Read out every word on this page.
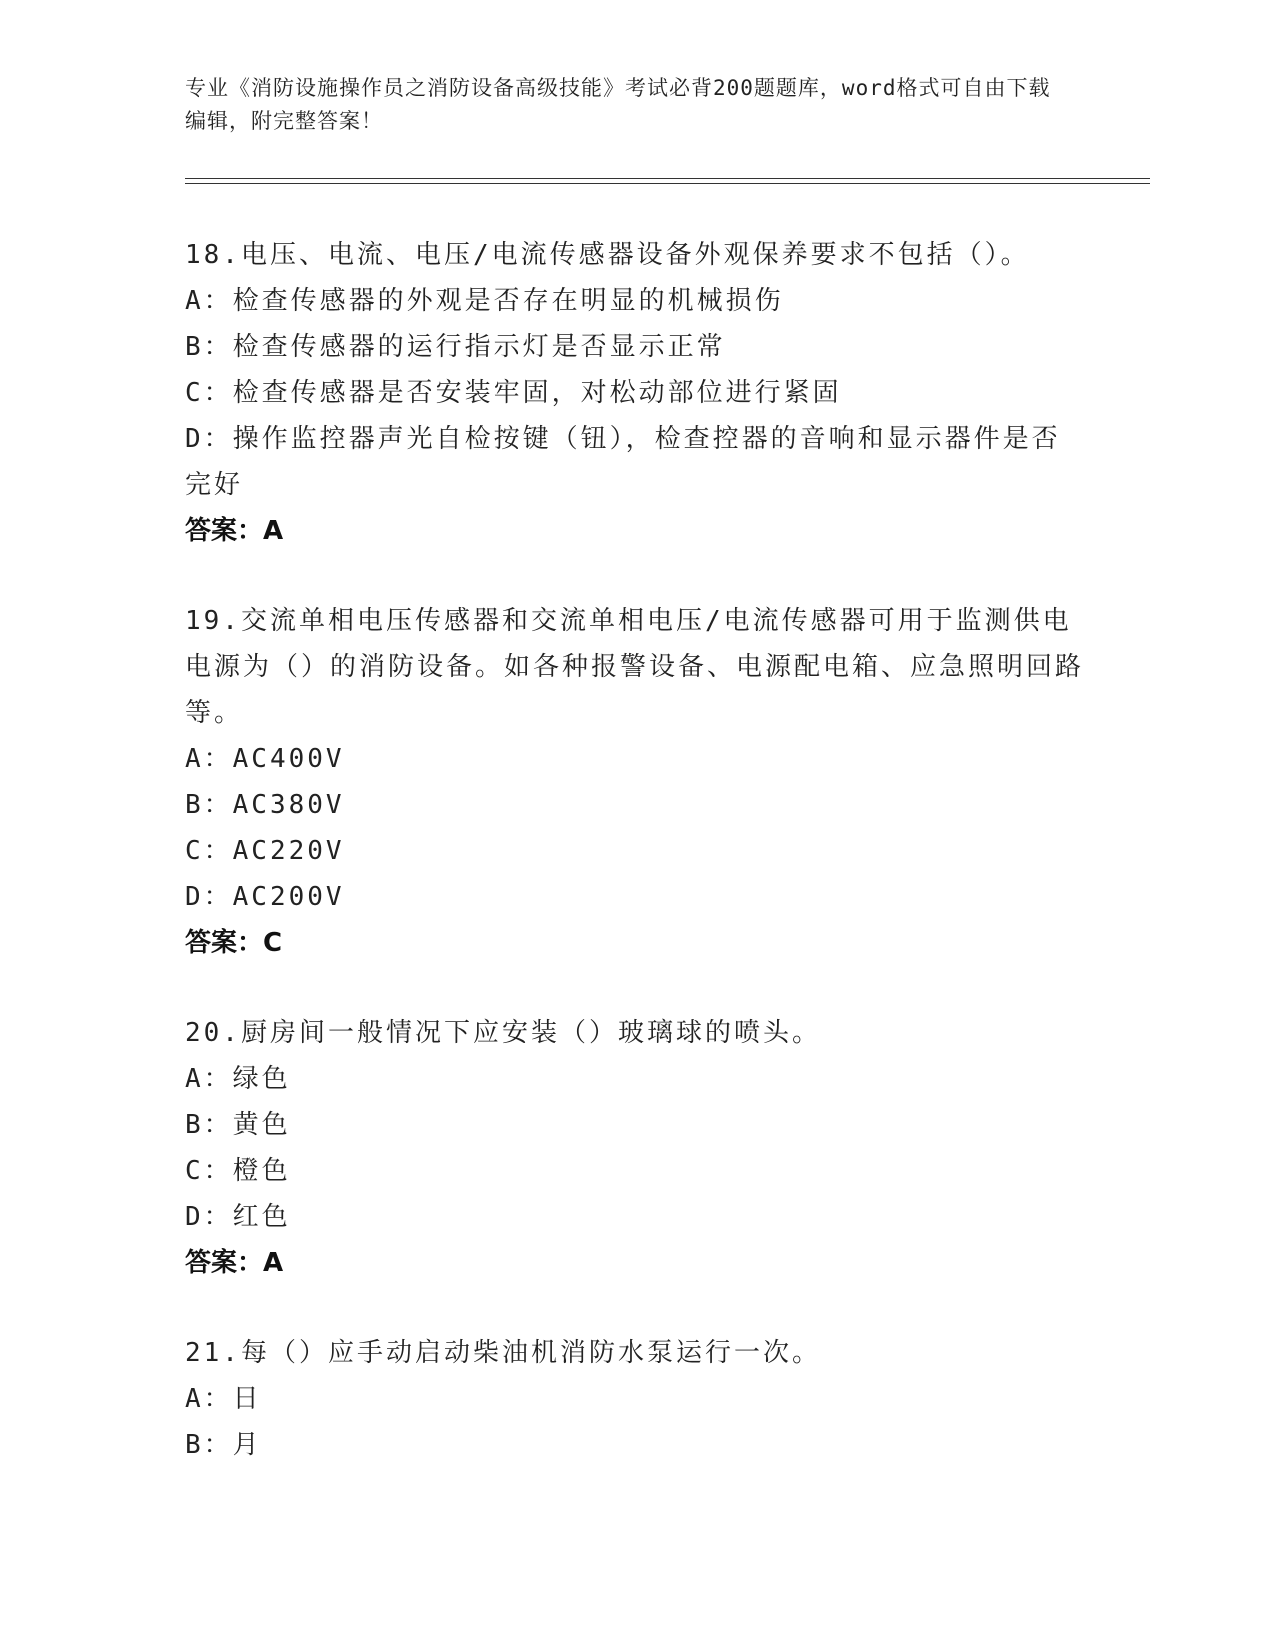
专业《消防设施操作员之消防设备高级技能》考试必背200题题库，word格式可自由下载编辑，附完整答案！
18.电压、电流、电压/电流传感器设备外观保养要求不包括（）。
A：检查传感器的外观是否存在明显的机械损伤
B：检查传感器的运行指示灯是否显示正常
C：检查传感器是否安装牢固，对松动部位进行紧固
D：操作监控器声光自检按键（钮），检查控器的音响和显示器件是否完好
答案：A
19.交流单相电压传感器和交流单相电压/电流传感器可用于监测供电电源为（）的消防设备。如各种报警设备、电源配电箱、应急照明回路等。
A：AC400V
B：AC380V
C：AC220V
D：AC200V
答案：C
20.厨房间一般情况下应安装（）玻璃球的喷头。
A：绿色
B：黄色
C：橙色
D：红色
答案：A
21.每（）应手动启动柴油机消防水泵运行一次。
A：日
B：月
